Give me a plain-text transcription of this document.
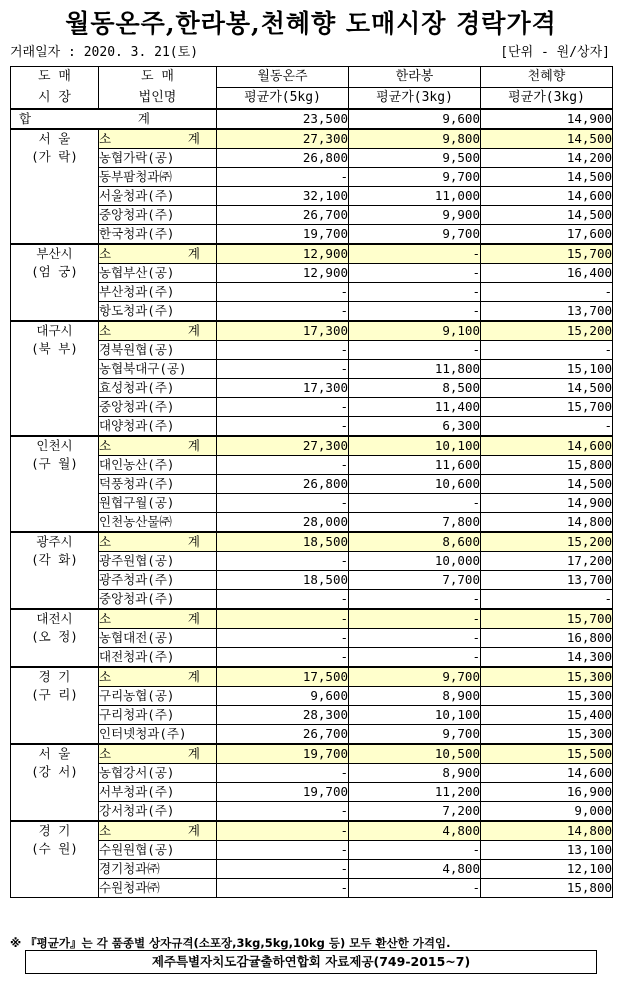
월동온주,한라봉,천혜향 도매시장 경락가격
거래일자 : 2020. 3. 21(토)	[단위 - 원/상자]
도 매	도 매	월동온주	한라봉	천혜향
시 장	법인명	평균가(5kg)	평균가(3kg)	평균가(3kg)

합 계		23,500	9,600	14,900

서 울
(가 락)	소 계	27,300	9,800	14,500
	농협가락(공)	26,800	9,500	14,200
	동부팜청과㈜	-	9,700	14,500
	서울청과(주)	32,100	11,000	14,600
	중앙청과(주)	26,700	9,900	14,500
	한국청과(주)	19,700	9,700	17,600

부산시
(엄 궁)	소 계	12,900	-	15,700
	농협부산(공)	12,900	-	16,400
	부산청과(주)	-	-	-
	항도청과(주)	-	-	13,700

대구시
(북 부)	소 계	17,300	9,100	15,200
	경북원협(공)	-	-	-
	농협북대구(공)	-	11,800	15,100
	효성청과(주)	17,300	8,500	14,500
	중앙청과(주)	-	11,400	15,700
	대양청과(주)	-	6,300	-

인천시
(구 월)	소 계	27,300	10,100	14,600
	대인농산(주)	-	11,600	15,800
	덕풍청과(주)	26,800	10,600	14,500
	원협구월(공)	-	-	14,900
	인천농산물㈜	28,000	7,800	14,800

광주시
(각 화)	소 계	18,500	8,600	15,200
	광주원협(공)	-	10,000	17,200
	광주청과(주)	18,500	7,700	13,700
	중앙청과(주)	-	-	-

대전시
(오 정)	소 계	-	-	15,700
	농협대전(공)	-	-	16,800
	대전청과(주)	-	-	14,300

경 기
(구 리)	소 계	17,500	9,700	15,300
	구리농협(공)	9,600	8,900	15,300
	구리청과(주)	28,300	10,100	15,400
	인터넷청과(주)	26,700	9,700	15,300

서 울
(강 서)	소 계	19,700	10,500	15,500
	농협강서(공)	-	8,900	14,600
	서부청과(주)	19,700	11,200	16,900
	강서청과(주)	-	7,200	9,000

경 기
(수 원)	소 계	-	4,800	14,800
	수원원협(공)	-	-	13,100
	경기청과㈜	-	4,800	12,100
	수원청과㈜	-	-	15,800
※ 『평균가』는 각 품종별 상자규격(소포장,3kg,5kg,10kg 등) 모두 환산한 가격임.
제주특별자치도감귤출하연합회 자료제공(749-2015~7)
